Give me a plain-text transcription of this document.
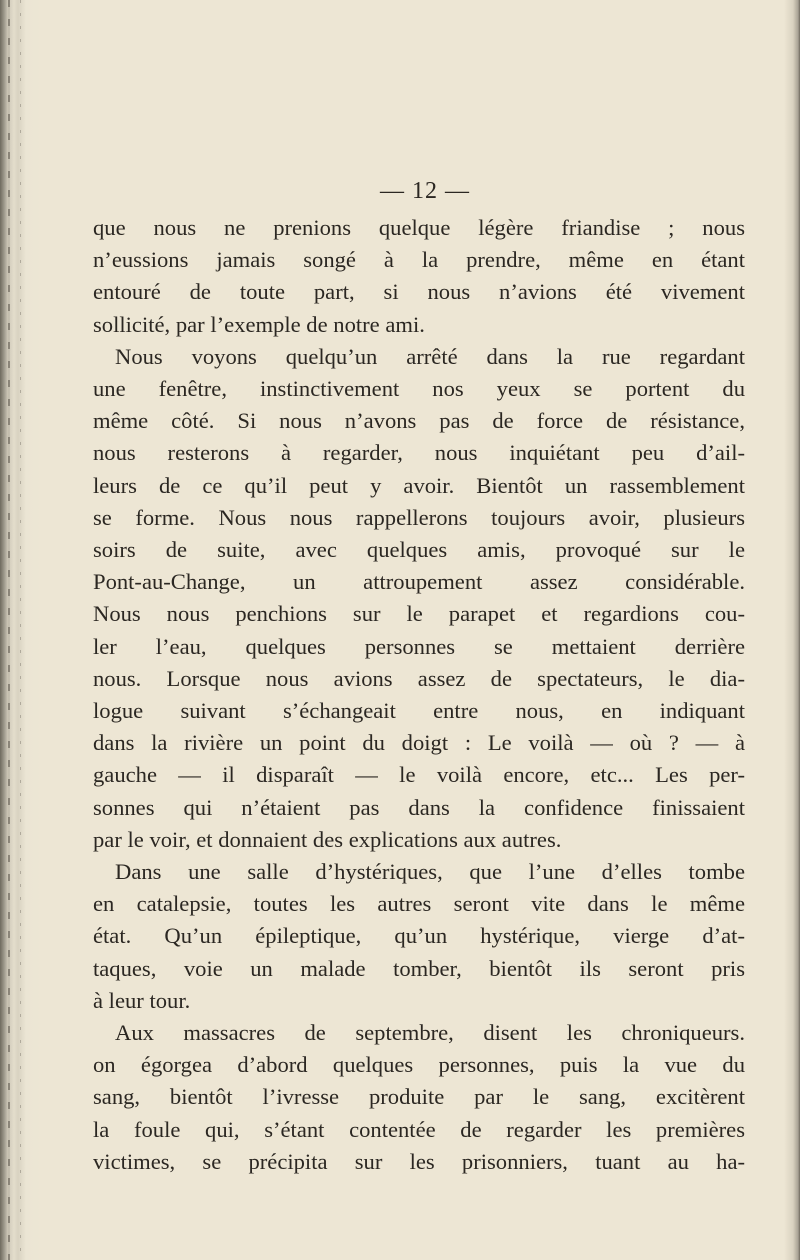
— 12 —
que nous ne prenions quelque légère friandise ; nous
n’eussions jamais songé à la prendre, même en étant
entouré de toute part, si nous n’avions été vivement
sollicité, par l’exemple de notre ami.
Nous voyons quelqu’un arrêté dans la rue regardant
une fenêtre, instinctivement nos yeux se portent du
même côté. Si nous n’avons pas de force de résistance,
nous resterons à regarder, nous inquiétant peu d’ail-
leurs de ce qu’il peut y avoir. Bientôt un rassemblement
se forme. Nous nous rappellerons toujours avoir, plusieurs
soirs de suite, avec quelques amis, provoqué sur le
Pont-au-Change, un attroupement assez considérable.
Nous nous penchions sur le parapet et regardions cou-
ler l’eau, quelques personnes se mettaient derrière
nous. Lorsque nous avions assez de spectateurs, le dia-
logue suivant s’échangeait entre nous, en indiquant
dans la rivière un point du doigt : Le voilà — où ? — à
gauche — il disparaît — le voilà encore, etc... Les per-
sonnes qui n’étaient pas dans la confidence finissaient
par le voir, et donnaient des explications aux autres.
Dans une salle d’hystériques, que l’une d’elles tombe
en catalepsie, toutes les autres seront vite dans le même
état. Qu’un épileptique, qu’un hystérique, vierge d’at-
taques, voie un malade tomber, bientôt ils seront pris
à leur tour.
Aux massacres de septembre, disent les chroniqueurs.
on égorgea d’abord quelques personnes, puis la vue du
sang, bientôt l’ivresse produite par le sang, excitèrent
la foule qui, s’étant contentée de regarder les premières
victimes, se précipita sur les prisonniers, tuant au ha-
